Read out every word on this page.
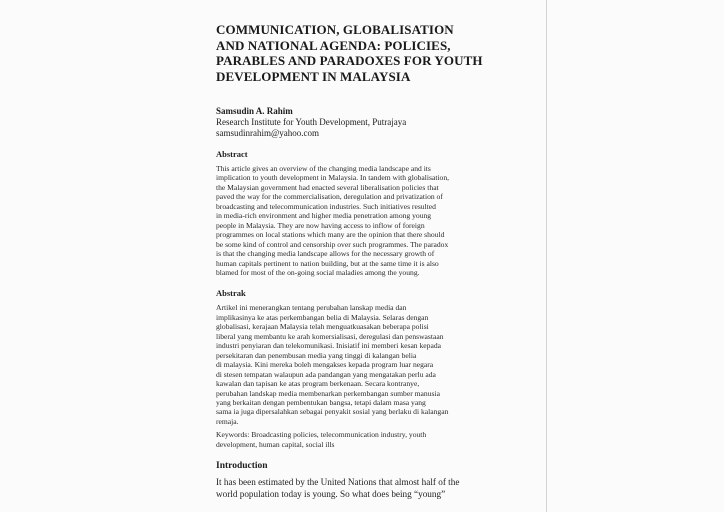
COMMUNICATION, GLOBALISATION
AND NATIONAL AGENDA: POLICIES,
PARABLES AND PARADOXES FOR YOUTH
DEVELOPMENT IN MALAYSIA
Samsudin A. Rahim
Research Institute for Youth Development, Putrajaya
samsudinrahim@yahoo.com
Abstract
This article gives an overview of the changing media landscape and its
implication to youth development in Malaysia. In tandem with globalisation,
the Malaysian government had enacted several liberalisation policies that
paved the way for the commercialisation, deregulation and privatization of
broadcasting and telecommunication industries. Such initiatives resulted
in media-rich environment and higher media penetration among young
people in Malaysia. They are now having access to inflow of foreign
programmes on local stations which many are the opinion that there should
be some kind of control and censorship over such programmes. The paradox
is that the changing media landscape allows for the necessary growth of
human capitals pertinent to nation building, but at the same time it is also
blamed for most of the on-going social maladies among the young.
Abstrak
Artikel ini menerangkan tentang perubahan lanskap media dan
implikasinya ke atas perkembangan belia di Malaysia. Selaras dengan
globalisasi, kerajaan Malaysia telah menguatkuasakan beberapa polisi
liberal yang membantu ke arah komersialisasi, deregulasi dan penswastaan
industri penyiaran dan telekomunikasi. Inisiatif ini memberi kesan kepada
persekitaran dan penembusan media yang tinggi di kalangan belia
di malaysia. Kini mereka boleh mengakses kepada program luar negara
di stesen tempatan walaupun ada pandangan yang mengatakan perlu ada
kawalan dan tapisan ke atas program berkenaan. Secara kontranye,
perubahan landskap media membenarkan perkembangan sumber manusia
yang berkaitan dengan pembentukan bangsa, tetapi dalam masa yang
sama ia juga dipersalahkan sebagai penyakit sosial yang berlaku di kalangan
remaja.
Keywords: Broadcasting policies, telecommunication industry, youth
development, human capital, social ills
Introduction
It has been estimated by the United Nations that almost half of the
world population today is young. So what does being “young”
